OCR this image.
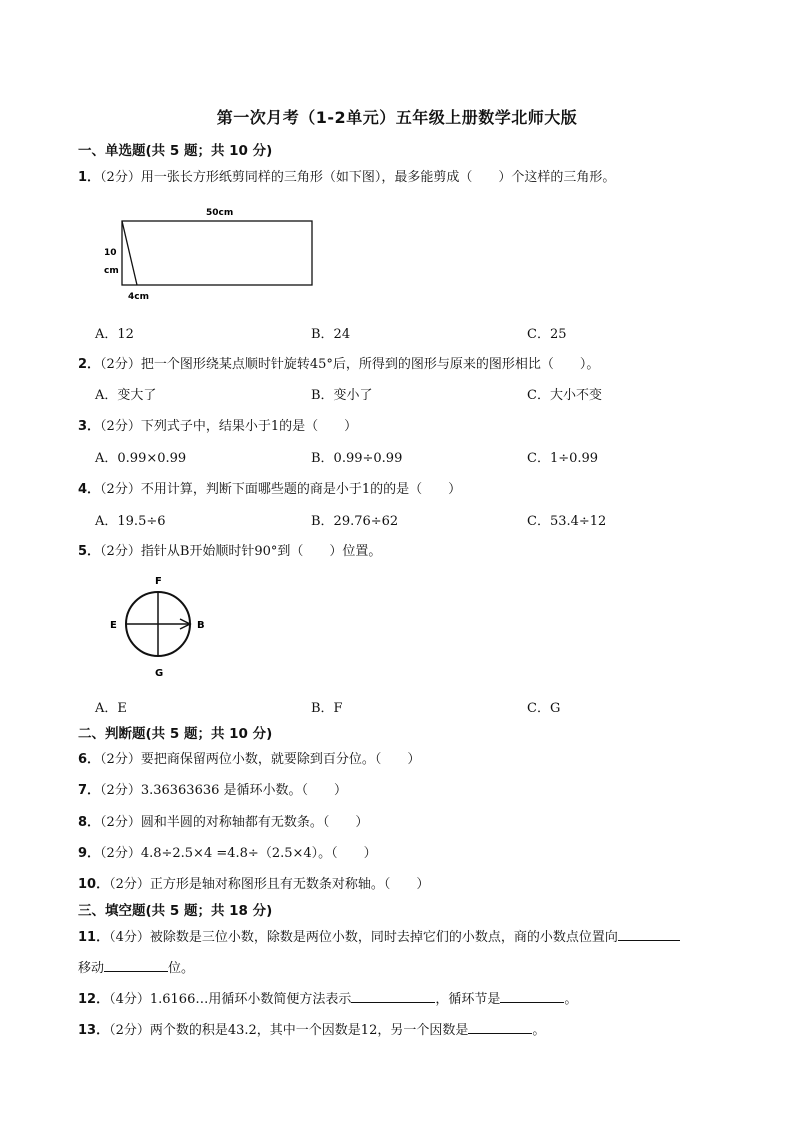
第一次月考（1-2单元）五年级上册数学北师大版
一、单选题(共 5 题；共 10 分)
1．（2分）用一张长方形纸剪同样的三角形（如下图），最多能剪成（　　）个这样的三角形。
50cm
10
cm
4cm
A．12	B．24	C．25
2．（2分）把一个图形绕某点顺时针旋转45°后，所得到的图形与原来的图形相比（　　）。
A．变大了	B．变小了	C．大小不变
3．（2分）下列式子中，结果小于1的是（　　）
A．0.99×0.99	B．0.99÷0.99	C．1÷0.99
4．（2分）不用计算，判断下面哪些题的商是小于1的的是（　　）
A．19.5÷6	B．29.76÷62	C．53.4÷12
5．（2分）指针从B开始顺时针90°到（　　）位置。
F
B
G
E
A．E	B．F	C．G
二、判断题(共 5 题；共 10 分)
6．（2分）要把商保留两位小数，就要除到百分位。（　　）
7．（2分）3.36363636 是循环小数。（　　）
8．（2分）圆和半圆的对称轴都有无数条。（　　）
9．（2分）4.8÷2.5×4 =4.8÷（2.5×4）。（　　）
10．（2分）正方形是轴对称图形且有无数条对称轴。（　　）
三、填空题(共 5 题；共 18 分)
11．（4分）被除数是三位小数，除数是两位小数，同时去掉它们的小数点，商的小数点位置向
移动	位。
12．（4分）1.6166…用循环小数简便方法表示	，循环节是	。
13．（2分）两个数的积是43.2，其中一个因数是12，另一个因数是	。
